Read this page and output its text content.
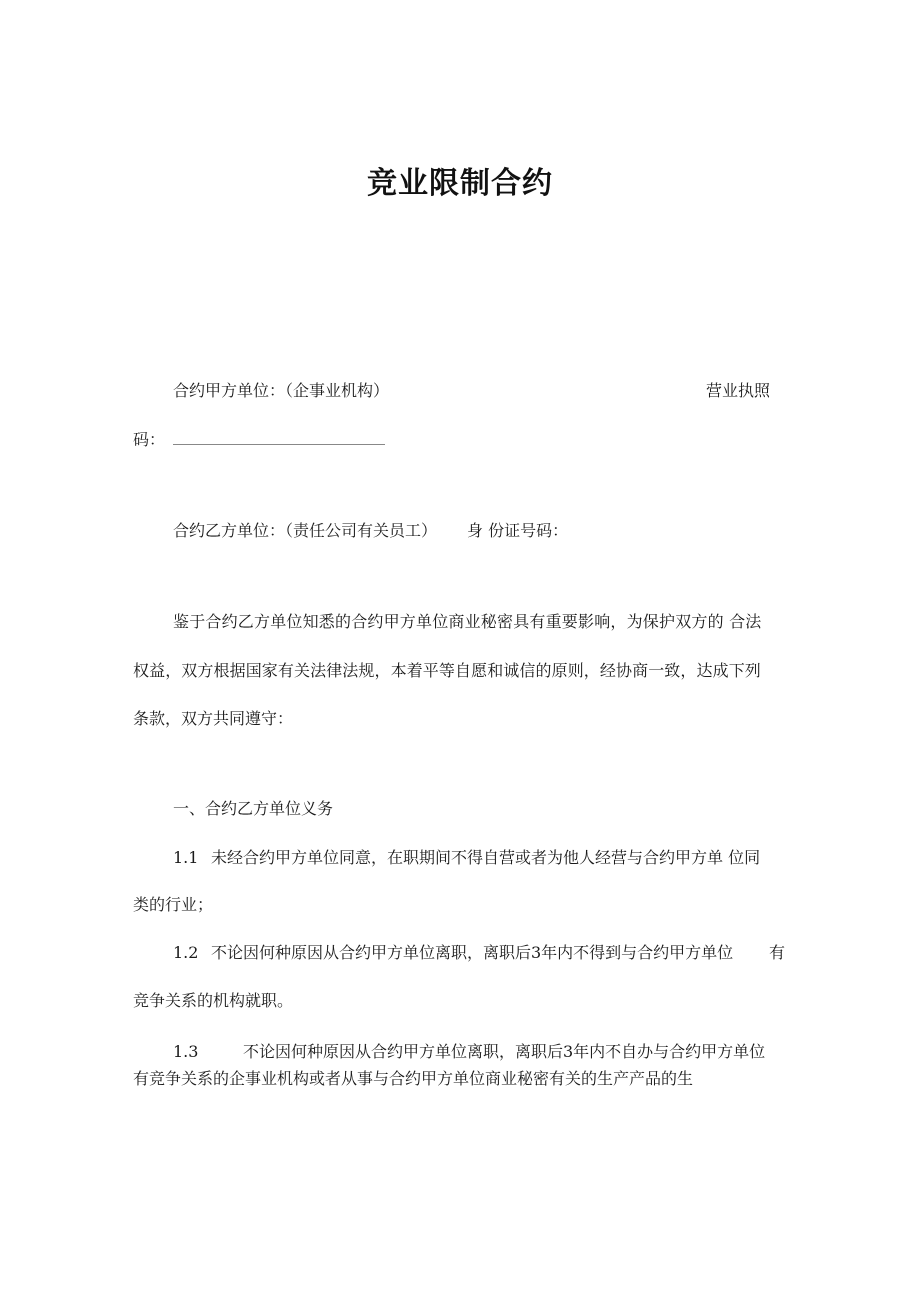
竞业限制合约
合约甲方单位：（企事业机构）	营业执照
码：
合约乙方单位：（责任公司有关员工） 身 份证号码：
鉴于合约乙方单位知悉的合约甲方单位商业秘密具有重要影响，为保护双方的 合法
权益，双方根据国家有关法律法规，本着平等自愿和诚信的原则，经协商一致，达成下列
条款，双方共同遵守：
一、合约乙方单位义务
1.1 未经合约甲方单位同意，在职期间不得自营或者为他人经营与合约甲方单 位同
类的行业；
1.2 不论因何种原因从合约甲方单位离职，离职后3年内不得到与合约甲方单位 有
竞争关系的机构就职。
1.3	不论因何种原因从合约甲方单位离职，离职后3年内不自办与合约甲方单位
有竞争关系的企事业机构或者从事与合约甲方单位商业秘密有关的生产产品的生
